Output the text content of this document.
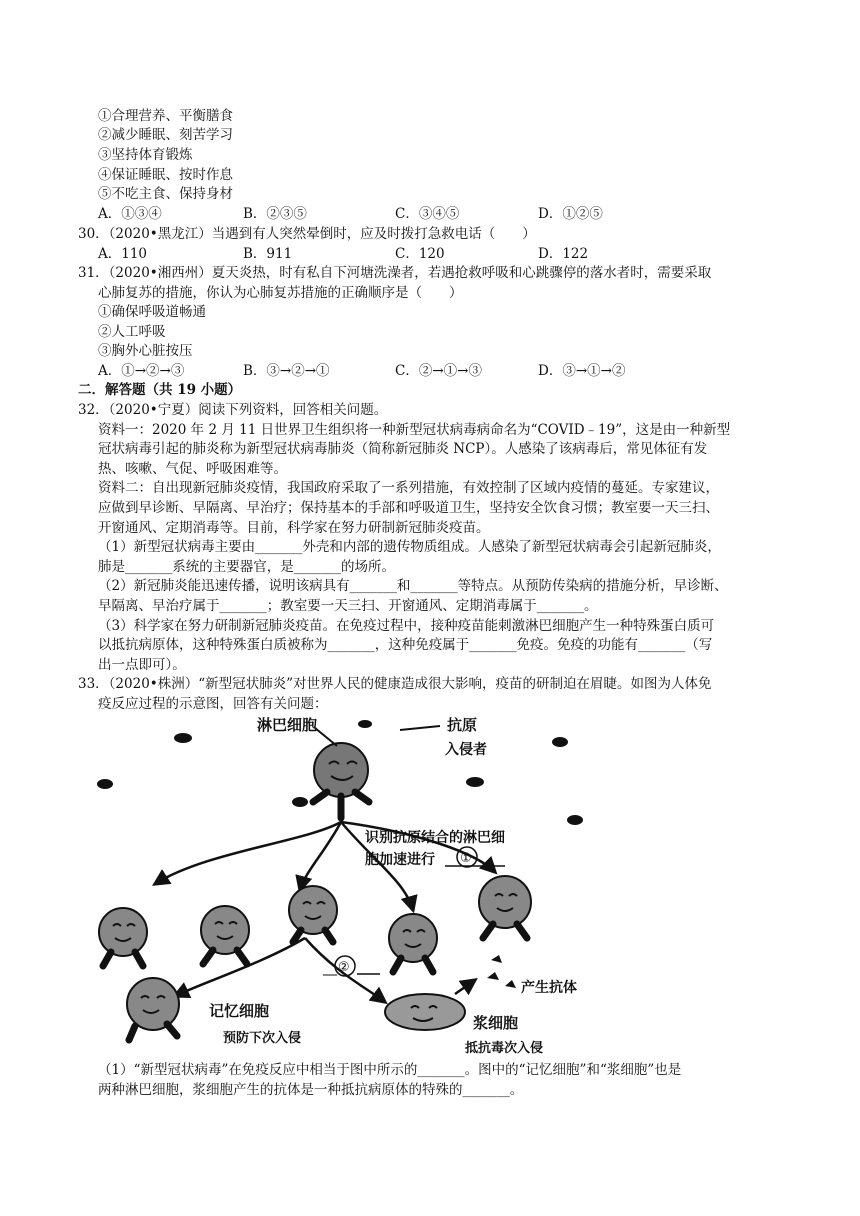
①合理营养、平衡膳食
②减少睡眠、刻苦学习
③坚持体育锻炼
④保证睡眠、按时作息
⑤不吃主食、保持身材
A．①③④	B．②③⑤	C．③④⑤	D．①②⑤
30．（2020•黑龙江）当遇到有人突然晕倒时，应及时拨打急救电话（　　）
A．110	B．911	C．120	D．122
31．（2020•湘西州）夏天炎热，时有私自下河塘洗澡者，若遇抢救呼吸和心跳骤停的落水者时，需要采取
心肺复苏的措施，你认为心肺复苏措施的正确顺序是（　　）
①确保呼吸道畅通
②人工呼吸
③胸外心脏按压
A．①→②→③	B．③→②→①	C．②→①→③	D．③→①→②
二．解答题（共 19 小题）
32．（2020•宁夏）阅读下列资料，回答相关问题。
资料一：2020 年 2 月 11 日世界卫生组织将一种新型冠状病毒病命名为“COVID﹣19”，这是由一种新型
冠状病毒引起的肺炎称为新型冠状病毒肺炎（简称新冠肺炎 NCP）。人感染了该病毒后，常见体征有发
热、咳嗽、气促、呼吸困难等。
资料二：自出现新冠肺炎疫情，我国政府采取了一系列措施，有效控制了区域内疫情的蔓延。专家建议，
应做到早诊断、早隔离、早治疗；保持基本的手部和呼吸道卫生，坚持安全饮食习惯；教室要一天三扫、
开窗通风、定期消毒等。目前，科学家在努力研制新冠肺炎疫苗。
（1）新型冠状病毒主要由_______外壳和内部的遗传物质组成。人感染了新型冠状病毒会引起新冠肺炎，
肺是_______系统的主要器官，是_______的场所。
（2）新冠肺炎能迅速传播，说明该病具有_______和_______等特点。从预防传染病的措施分析，早诊断、
早隔离、早治疗属于_______；教室要一天三扫、开窗通风、定期消毒属于_______。
（3）科学家在努力研制新冠肺炎疫苗。在免疫过程中，接种疫苗能刺激淋巴细胞产生一种特殊蛋白质可
以抵抗病原体，这种特殊蛋白质被称为_______，这种免疫属于_______免疫。免疫的功能有_______（写
出一点即可）。
33．（2020•株洲）“新型冠状肺炎”对世界人民的健康造成很大影响，疫苗的研制迫在眉睫。如图为人体免
疫反应过程的示意图，回答有关问题：
淋巴细胞	抗原
入侵者
识别抗原结合的淋巴细
胞加速进行 ①
__ ②
记忆细胞
预防下次入侵
浆细胞
抵抗毒次入侵
产生抗体
（1）“新型冠状病毒”在免疫反应中相当于图中所示的_______。图中的“记忆细胞”和“浆细胞”也是
两种淋巴细胞，浆细胞产生的抗体是一种抵抗病原体的特殊的_______。
